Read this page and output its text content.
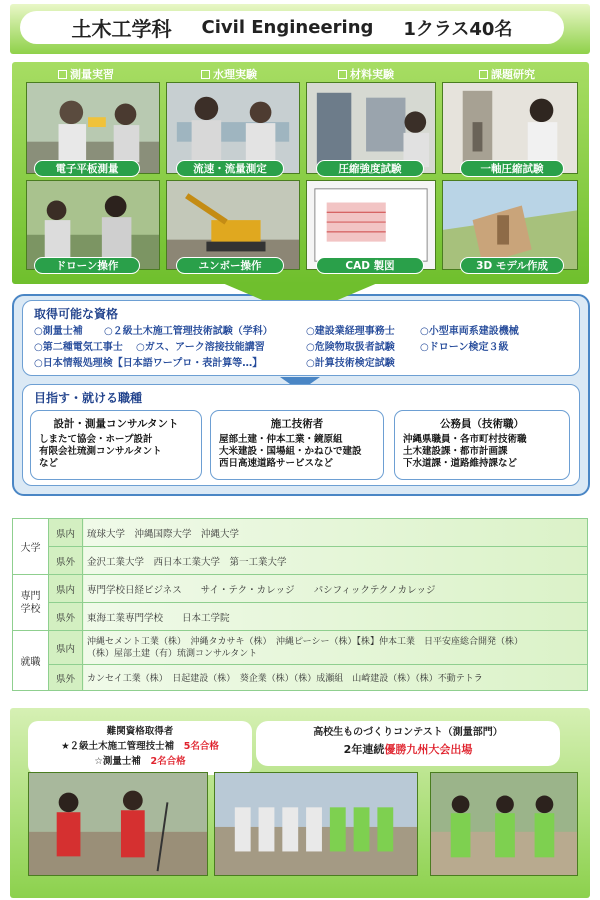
土木工学科 Civil Engineering 1クラス40名
測量実習	水理実験	材料実験	課題研究
電子平板測量	流速・流量測定	圧縮強度試験	一軸圧縮試験
ドローン操作	ユンボー操作	CAD 製図	3D モデル作成
取得可能な資格
○測量士補 ○２級土木施工管理技術試験（学科）	○建設業経理事務士	○小型車両系建設機械
○第二種電気工事士 ○ガス、アーク溶接技能講習	○危険物取扱者試験	○ドローン検定３級
○日本情報処理検【日本語ワープロ・表計算等…】	○計算技術検定試験
目指す・就ける職種
設計・測量コンサルタント
しまたて協会・ホープ設計
有限会社琉測コンサルタント
など
施工技術者
屋部土建・仲本工業・鏡原組
大米建設・国場組・かねひで建設
西日高速道路サービスなど
公務員（技術職）
沖縄県職員・各市町村技術職
土木建設課・都市計画課
下水道課・道路維持課など
大学	県内	琉球大学　沖縄国際大学　沖縄大学
	県外	金沢工業大学　西日本工業大学　第一工業大学
専門
学校	県内	専門学校日経ビジネス　　サイ・テク・カレッジ　　パシフィックテクノカレッジ
	県外	東海工業専門学校　　日本工学院
就職	県内	沖縄セメント工業（株）　沖縄タカサキ（株）　沖縄ピーシー（株）【株】仲本工業　日平安座総合開発（株）
（株）屋部土建（有）琉測コンサルタント
	県外	カンセイ工業（株）　日起建設（株）　葵企業（株）（株）成瀬組　山崎建設（株）（株）不動テトラ
難関資格取得者
★２級土木施工管理技士補　 5名合格
☆測量士補　 2名合格
高校生ものづくりコンテスト（測量部門）
2年連続優勝九州大会出場
